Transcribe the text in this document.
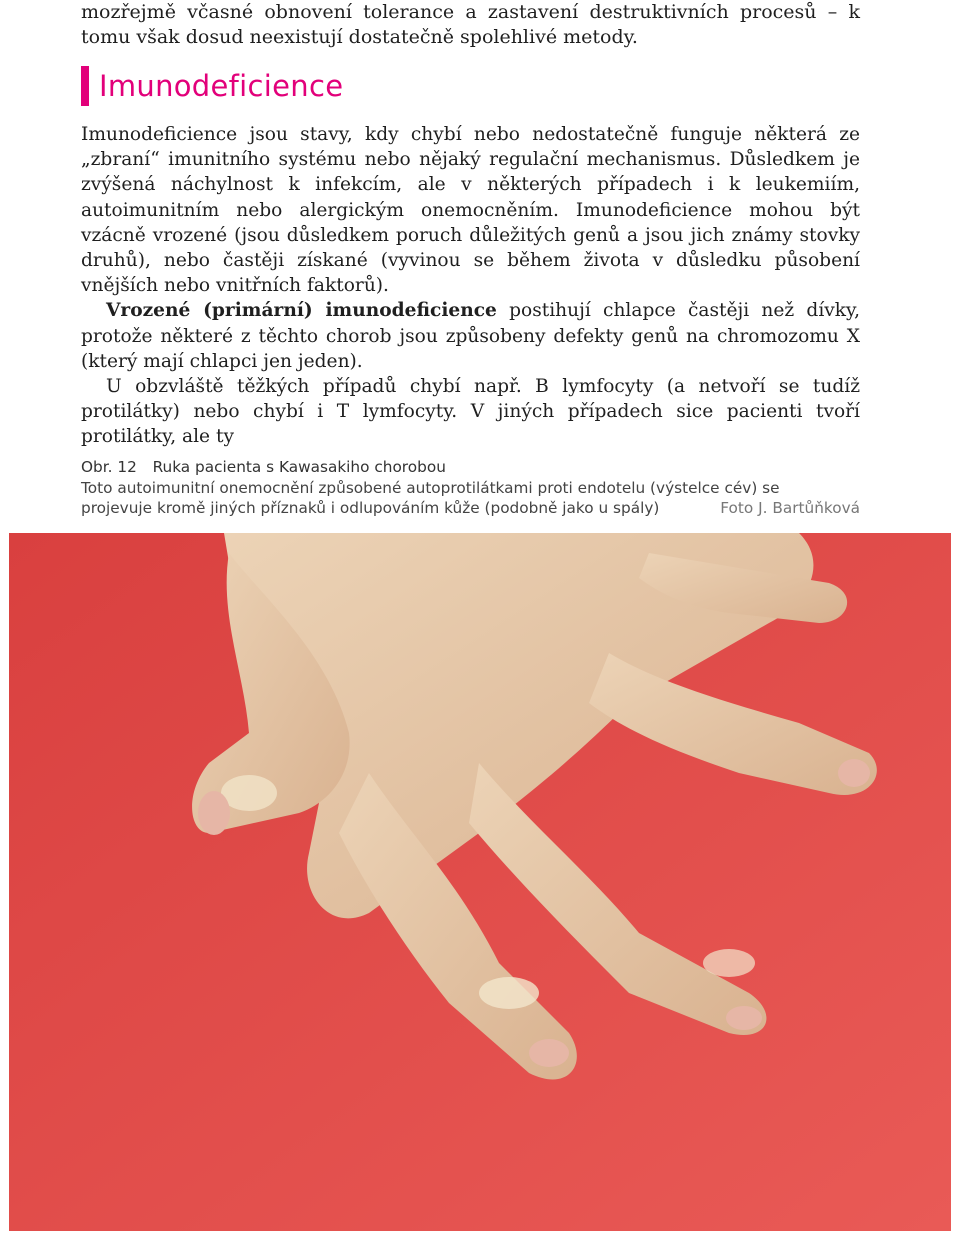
mozřejmě včasné obnovení tolerance a zastavení destruktivních procesů – k tomu však dosud neexistují dostatečně spolehlivé metody.

Imunodeficience

Imunodeficience jsou stavy, kdy chybí nebo nedostatečně funguje některá ze „zbraní“ imunitního systému nebo nějaký regulační mechanismus. Důsledkem je zvýšená náchylnost k infekcím, ale v některých případech i k leukemiím, autoimunitním nebo alergickým onemocněním. Imunodeficience mohou být vzácně vrozené (jsou důsledkem poruch důležitých genů a jsou jich známy stovky druhů), nebo častěji získané (vyvinou se během života v důsledku působení vnějších nebo vnitřních faktorů).

Vrozené (primární) imunodeficience postihují chlapce častěji než dívky, protože některé z těchto chorob jsou způsobeny defekty genů na chromozomu X (který mají chlapci jen jeden).

U obzvláště těžkých případů chybí např. B lymfocyty (a netvoří se tudíž protilátky) nebo chybí i T lymfocyty. V jiných případech sice pacienti tvoří protilátky, ale ty

Obr. 12 Ruka pacienta s Kawasakiho chorobou
Toto autoimunitní onemocnění způsobené autoprotilátkami proti endotelu (výstelce cév) se projevuje kromě jiných příznaků i odlupováním kůže (podobně jako u spály)	Foto J. Bartůňková
